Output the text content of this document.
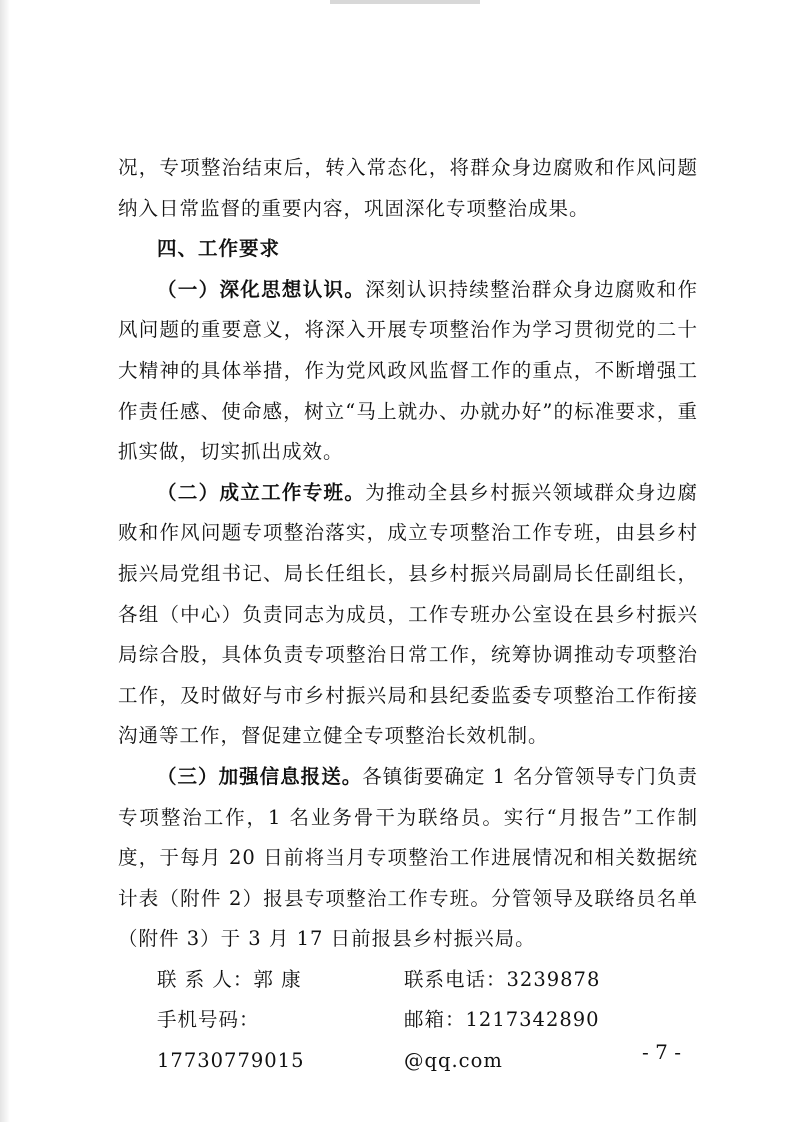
况，专项整治结束后，转入常态化，将群众身边腐败和作风问题纳入日常监督的重要内容，巩固深化专项整治成果。

四、工作要求

（一）深化思想认识。深刻认识持续整治群众身边腐败和作风问题的重要意义，将深入开展专项整治作为学习贯彻党的二十大精神的具体举措，作为党风政风监督工作的重点，不断增强工作责任感、使命感，树立“马上就办、办就办好”的标准要求，重抓实做，切实抓出成效。

（二）成立工作专班。为推动全县乡村振兴领域群众身边腐败和作风问题专项整治落实，成立专项整治工作专班，由县乡村振兴局党组书记、局长任组长，县乡村振兴局副局长任副组长，各组（中心）负责同志为成员，工作专班办公室设在县乡村振兴局综合股，具体负责专项整治日常工作，统筹协调推动专项整治工作，及时做好与市乡村振兴局和县纪委监委专项整治工作衔接沟通等工作，督促建立健全专项整治长效机制。

（三）加强信息报送。各镇街要确定 1 名分管领导专门负责专项整治工作，1 名业务骨干为联络员。实行“月报告”工作制度，于每月 20 日前将当月专项整治工作进展情况和相关数据统计表（附件 2）报县专项整治工作专班。分管领导及联络员名单（附件 3）于 3 月 17 日前报县乡村振兴局。

联 系 人：郭 康	联系电话：3239878
手机号码：17730779015
邮箱：1217342890 @qq.com	- 7 -
